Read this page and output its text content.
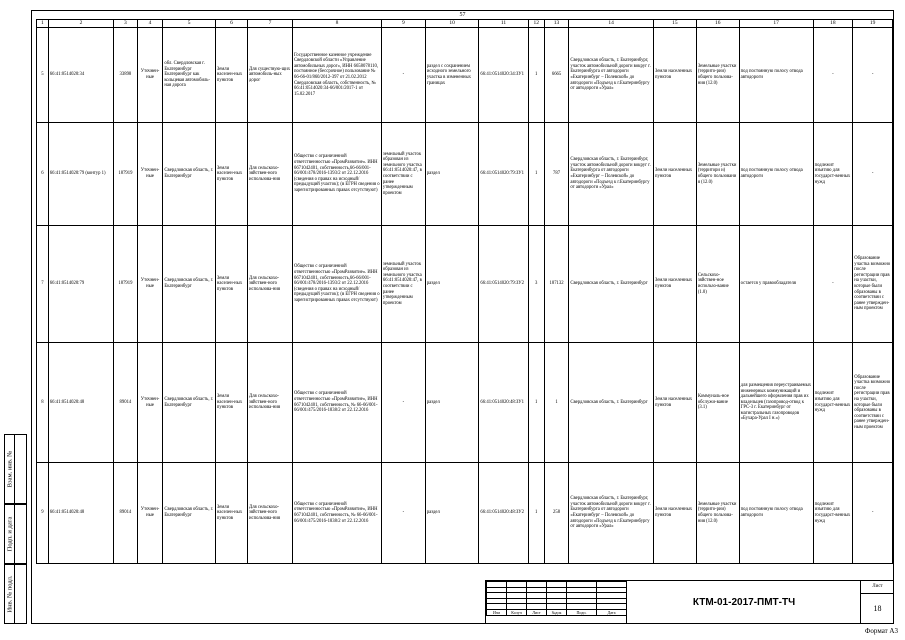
57
1	2	3	4	5	6	7	8	9	10	11	12	13	14	15	16	17	18	19
5	66:41:0514020:34	33898	Уточнен-ные	обл. Свердловская г. Екатеринбург Екатеринбург как кольцевая автомобиль-ная дорога	Земли населен-ных пунктов	Для существую-щих автомобиль-ных дорог	Государственное казенное учреждение Свердловской области «Управление автомобильных дорог», ИНН 6658078110, постоянное (бессрочное) пользование № 66-66-01/860/2012-397 от 21.02.2012 Свердловская область, собственность, № 66:41:0514020:34-66/001/2017-1 от 15.02.2017	-	раздел с сохранением исходного земельного участка в измененных границах	66:41:0514020:34:ЗУ1	1	6665	Свердловская область, г. Екатеринбург, участок автомобильной дороги вокруг г. Екатеринбурга от автодороги «Екатеринбург – Полевской» до автодороги «Подъезд к г.Екатеринбургу от автодороги «Урал»	Земли населенных пунктов	Земельные участки (террито-рии) общего пользова-ния (12.0)	под постоянную полосу отвода автодороги	-	-
6	66:41:0514020:79 (контур 1)	187919	Уточнен-ные	Свердловская область, г. Екатеринбург	Земли населен-ных пунктов	Для сельскохо-зяйствен-ного использова-ния	Общество с ограниченной ответственностью «ПромРазвитие». ИНН 6671042401, собственность,66-66/001-66/001/478/2016-1393/2 от 22.12.2016 (сведения о правах на исходный/ предыдущий участок); (в ЕГРН сведения о зарегистрированных правах отсутствуют)	земельный участок образован из земельного участка 66:41:0514020:47, в соответствии с ранее утвержденным проектом	раздел	66:41:0514020:79:ЗУ1	1	787	Свердловская область, г. Екатеринбург, участок автомобильной дороги вокруг г. Екатеринбурга от автодороги «Екатеринбург – Полевской» до автодороги «Подъезд к г.Екатеринбургу от автодороги «Урал»	Земли населенных пунктов	Земельные участки (территори и) общего пользовани я (12.0)	под постоянную полосу отвода автодороги	подлежит изъятию для государст-венных нужд	-
7	66:41:0514020:79	187919	Уточнен-ные	Свердловская область, г. Екатеринбург	Земли населен-ных пунктов	Для сельскохо-зяйствен-ного использова-ния	Общество с ограниченной ответственностью «ПромРазвитие». ИНН 6671042401, собственность,66-66/001-66/001/478/2016-1393/2 от 22.12.2016 (сведения о правах на исходный/ предыдущий участок); (в ЕГРН сведения о зарегистрированных правах отсутствуют)	земельный участок образован из земельного участка 66:41:0514020:47, в соответствии с ранее утвержденным проектом	раздел	66:41:0514020:79:ЗУ2	3	187132	Свердловская область, г. Екатеринбург	Земли населенных пунктов	Сельскохо-зяйствен-ное использо-вание (1.0)	остается у правообладателя	-	Образование участка возможно после регистрации прав на участки, которые были образованы в соответствии с ранее утвержден-ным проектом
8	66:41:0514020:48	89014	Уточнен-ные	Свердловская область, г. Екатеринбург	Земли населен-ных пунктов	Для сельскохо-зяйствен-ного использова-ния	Общество с ограниченной ответственностью «ПромРазвитие», ИНН 6671042401, собственность, № 66-66/001-66/001/475/2016-1838/2 от 22.12.2016	-	раздел	66:41:0514020:48:ЗУ1	1	1	Свердловская область, г. Екатеринбург	Земли населенных пунктов	Коммуналь-ное обслужи-вание (3.1)	для размещения переустраиваемых инженерных коммуникаций и дальнейшего оформления прав их владельцев (газопровод-отвод к ГРС-3 г. Екатеринбург от магистральных газопроводов «Бухара-Урал I н.»)	подлежит изъятию для государст-венных нужд	Образование участка возможно после регистрации прав на участки, которые были образованы в соответствии с ранее утвержден-ным проектом
9	66:41:0514020:48	89014	Уточнен-ные	Свердловская область, г. Екатеринбург	Земли населен-ных пунктов	Для сельскохо-зяйствен-ного использова-ния	Общество с ограниченной ответственностью «ПромРазвитие», ИНН 6671042401, собственность, № 66-66/001-66/001/475/2016-1838/2 от 22.12.2016	-	раздел	66:41:0514020:48:ЗУ2	1	258	Свердловская область, г. Екатеринбург, участок автомобильной дороги вокруг г. Екатеринбурга от автодороги «Екатеринбург – Полевской» до автодороги «Подъезд к г.Екатеринбургу от автодороги «Урал»	Земли населенных пунктов	Земельные участки (террито-рии) общего пользова-ния (12.0)	под постоянную полосу отвода автодороги	подлежит изъятию для государст-венных нужд	-
Взам. инв. №
Подп. и дата
Инв. № подл.

						Изм	Колуч	Лист	№док	Подп.	Дата
КТМ-01-2017-ПМТ-ТЧ
Лист
18
Формат А3
